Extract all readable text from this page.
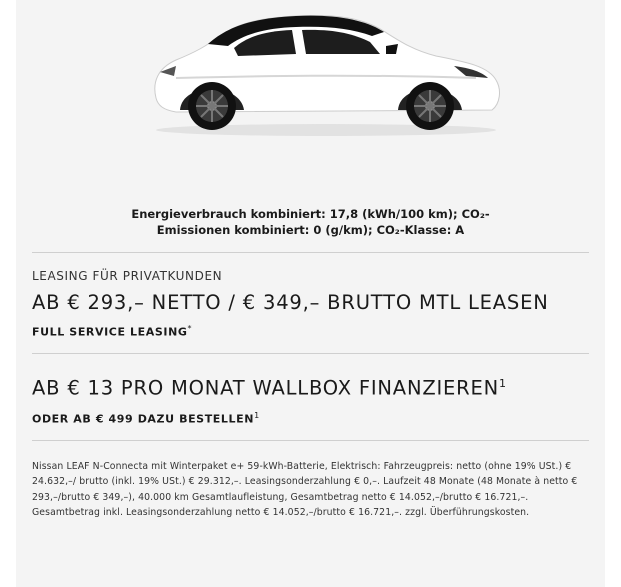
Energieverbrauch kombiniert: 17,8 (kWh/100 km); CO₂-
Emissionen kombiniert: 0 (g/km); CO₂-Klasse: A
LEASING FÜR PRIVATKUNDEN
AB € 293,– NETTO / € 349,– BRUTTO MTL LEASEN
FULL SERVICE LEASING*
AB € 13 PRO MONAT WALLBOX FINANZIEREN$^1$
ODER AB € 499 DAZU BESTELLEN$^1$
Nissan LEAF N-Connecta mit Winterpaket e+ 59-kWh-Batterie, Elektrisch: Fahrzeugpreis: netto (ohne 19% USt.) € 24.632,–/ brutto (inkl. 19% USt.) € 29.312,–. Leasingsonderzahlung € 0,–. Laufzeit 48 Monate (48 Monate à netto € 293,–/brutto € 349,–), 40.000 km Gesamtlaufleistung, Gesamtbetrag netto € 14.052,–/brutto € 16.721,–. Gesamtbetrag inkl. Leasingsonderzahlung netto € 14.052,–/brutto € 16.721,–. zzgl. Überführungskosten.
